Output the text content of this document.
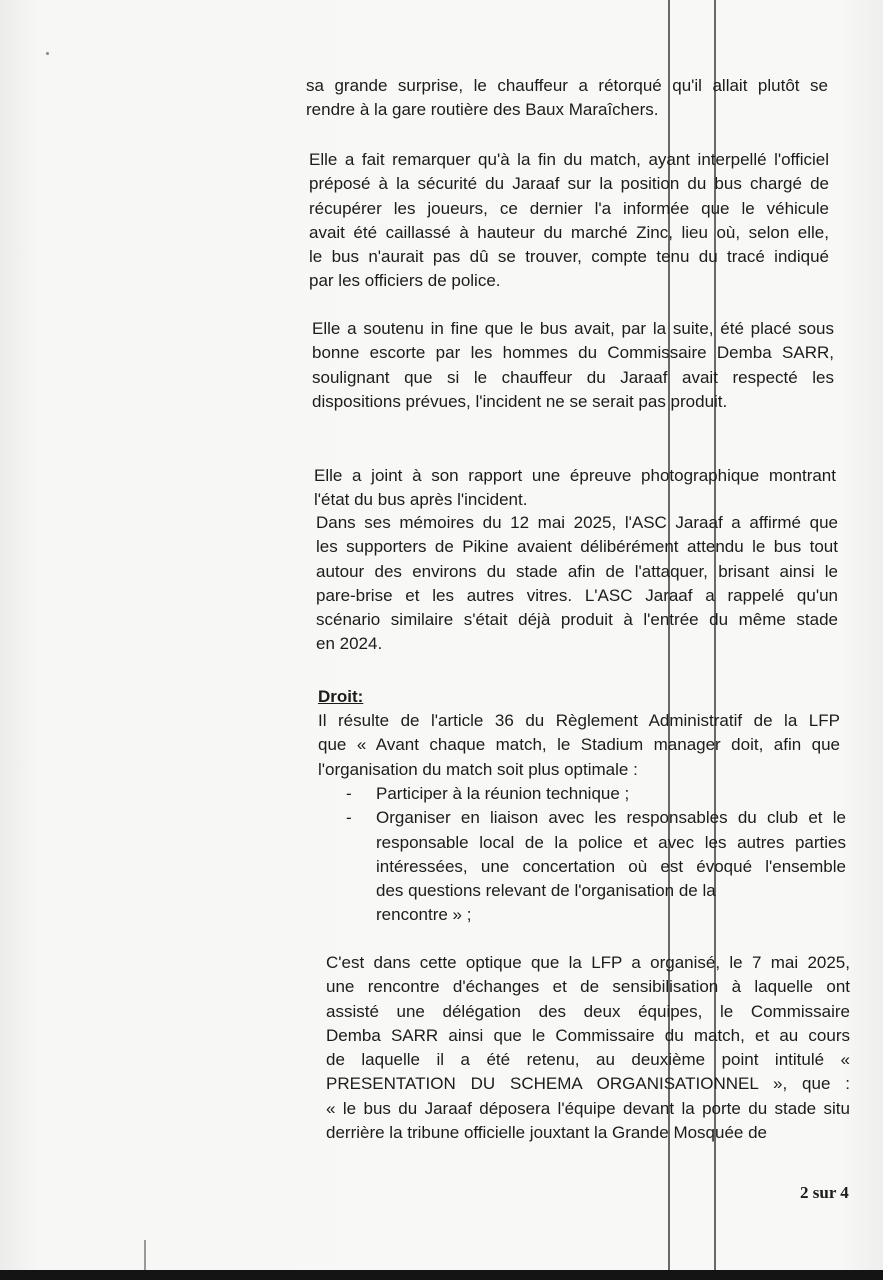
sa grande surprise, le chauffeur a rétorqué qu'il allait plutôt se
rendre à la gare routière des Baux Maraîchers.
Elle a fait remarquer qu'à la fin du match, ayant interpellé l'officiel
préposé à la sécurité du Jaraaf sur la position du bus chargé de
récupérer les joueurs, ce dernier l'a informée que le véhicule
avait été caillassé à hauteur du marché Zinc, lieu où, selon elle,
le bus n'aurait pas dû se trouver, compte tenu du tracé indiqué
par les officiers de police.
Elle a soutenu in fine que le bus avait, par la suite, été placé sous
bonne escorte par les hommes du Commissaire Demba SARR,
soulignant que si le chauffeur du Jaraaf avait respecté les
dispositions prévues, l'incident ne se serait pas produit.
Elle a joint à son rapport une épreuve photographique montrant
l'état du bus après l'incident.
Dans ses mémoires du 12 mai 2025, l'ASC Jaraaf a affirmé que
les supporters de Pikine avaient délibérément attendu le bus tout
autour des environs du stade afin de l'attaquer, brisant ainsi le
pare-brise et les autres vitres. L'ASC Jaraaf a rappelé qu'un
scénario similaire s'était déjà produit à l'entrée du même stade
en 2024.
Droit:
Il résulte de l'article 36 du Règlement Administratif de la LFP
que « Avant chaque match, le Stadium manager doit, afin que
l'organisation du match soit plus optimale :
- Participer à la réunion technique ;
- Organiser en liaison avec les responsables du club et le
responsable local de la police et avec les autres parties
intéressées, une concertation où est évoqué l'ensemble
des questions relevant de l'organisation de la
rencontre » ;
C'est dans cette optique que la LFP a organisé, le 7 mai 2025,
une rencontre d'échanges et de sensibilisation à laquelle ont
assisté une délégation des deux équipes, le Commissaire
Demba SARR ainsi que le Commissaire du match, et au cours
de laquelle il a été retenu, au deuxième point intitulé «
PRESENTATION DU SCHEMA ORGANISATIONNEL », que :
« le bus du Jaraaf déposera l'équipe devant la porte du stade situ
derrière la tribune officielle jouxtant la Grande Mosquée de
2 sur 4
